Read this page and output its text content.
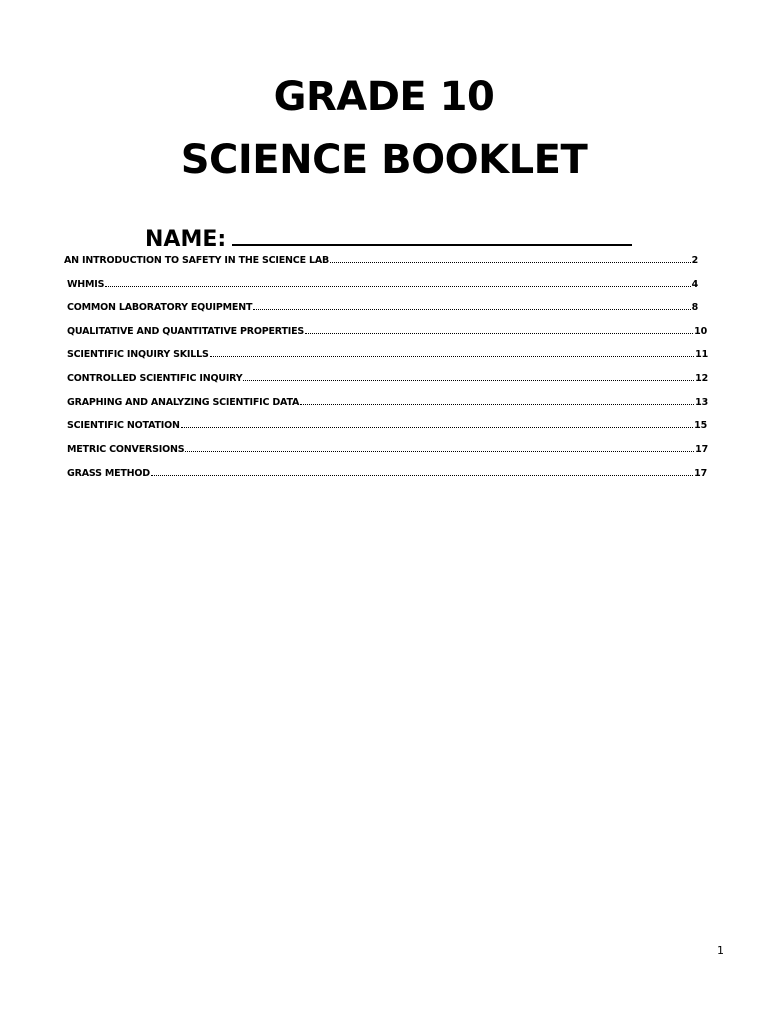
GRADE 10
SCIENCE BOOKLET
NAME:
AN INTRODUCTION TO SAFETY IN THE SCIENCE LAB	2
WHMIS	4
COMMON LABORATORY EQUIPMENT	8
QUALITATIVE AND QUANTITATIVE PROPERTIES	10
SCIENTIFIC INQUIRY SKILLS	11
CONTROLLED SCIENTIFIC INQUIRY	12
GRAPHING AND ANALYZING SCIENTIFIC DATA	13
SCIENTIFIC NOTATION	15
METRIC CONVERSIONS	17
GRASS METHOD	17
1
